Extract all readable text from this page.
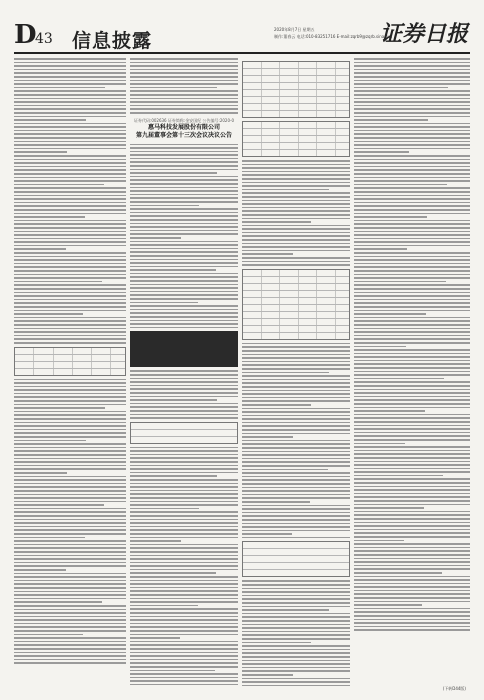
D
43 信息披露
2020年8月7日 星期五
制作:董春云 电话:010-83251716 E-mail:zqrb9@zqrb.sina.net
证券日报
证券代码:002636 证券简称:金安国纪 公告编号:2020-0
惠马科技发展股份有限公司
第九届董事会第十三次会议决议公告
(下转D44版)
